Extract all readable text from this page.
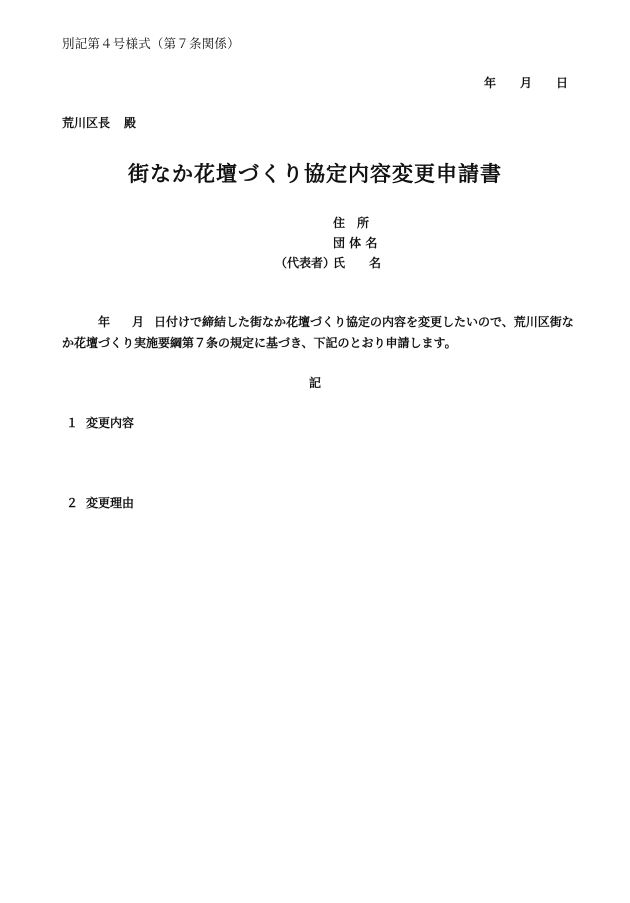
別記第４号様式（第７条関係）
年 月 日
荒川区長 殿
街なか花壇づくり協定内容変更申請書
住　所
団 体 名
（代表者）氏　　名
年 月 日付けで締結した街なか花壇づくり協定の内容を変更したいので、荒川区街な
か花壇づくり実施要綱第７条の規定に基づき、下記のとおり申請します。
記
１ 変更内容
２ 変更理由
